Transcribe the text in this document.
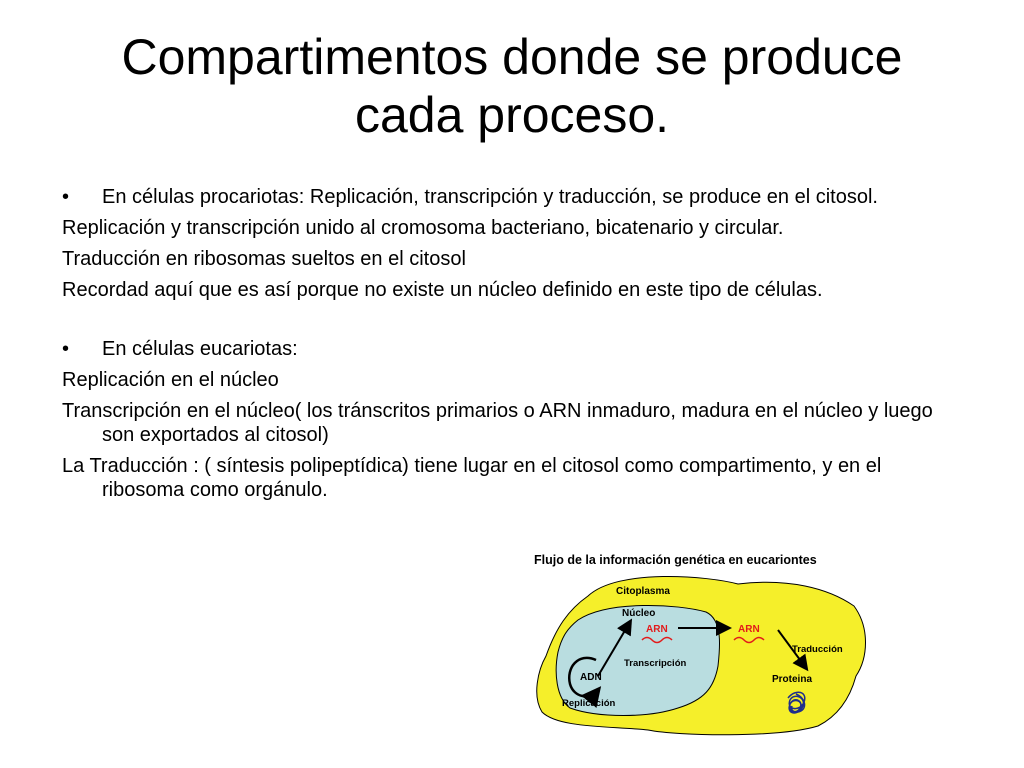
Compartimentos donde se produce
cada proceso.
• En células procariotas: Replicación, transcripción y traducción, se produce en el citosol.

Replicación y transcripción unido al cromosoma bacteriano, bicatenario y circular.

Traducción en ribosomas sueltos en el citosol

Recordad aquí que es así porque no existe un núcleo definido en este tipo de células.

• En células eucariotas:

Replicación en el núcleo

Transcripción en el núcleo( los tránscritos primarios o ARN inmaduro, madura en el núcleo y luego son exportados al citosol)

La Traducción : ( síntesis polipeptídica) tiene lugar en el citosol como compartimento, y en el ribosoma como orgánulo.

Flujo de la información genética en eucariontes
Citoplasma
Núcleo
ARN	ARN
Transcripción
Traducción
ADN
Replicación
Proteina
